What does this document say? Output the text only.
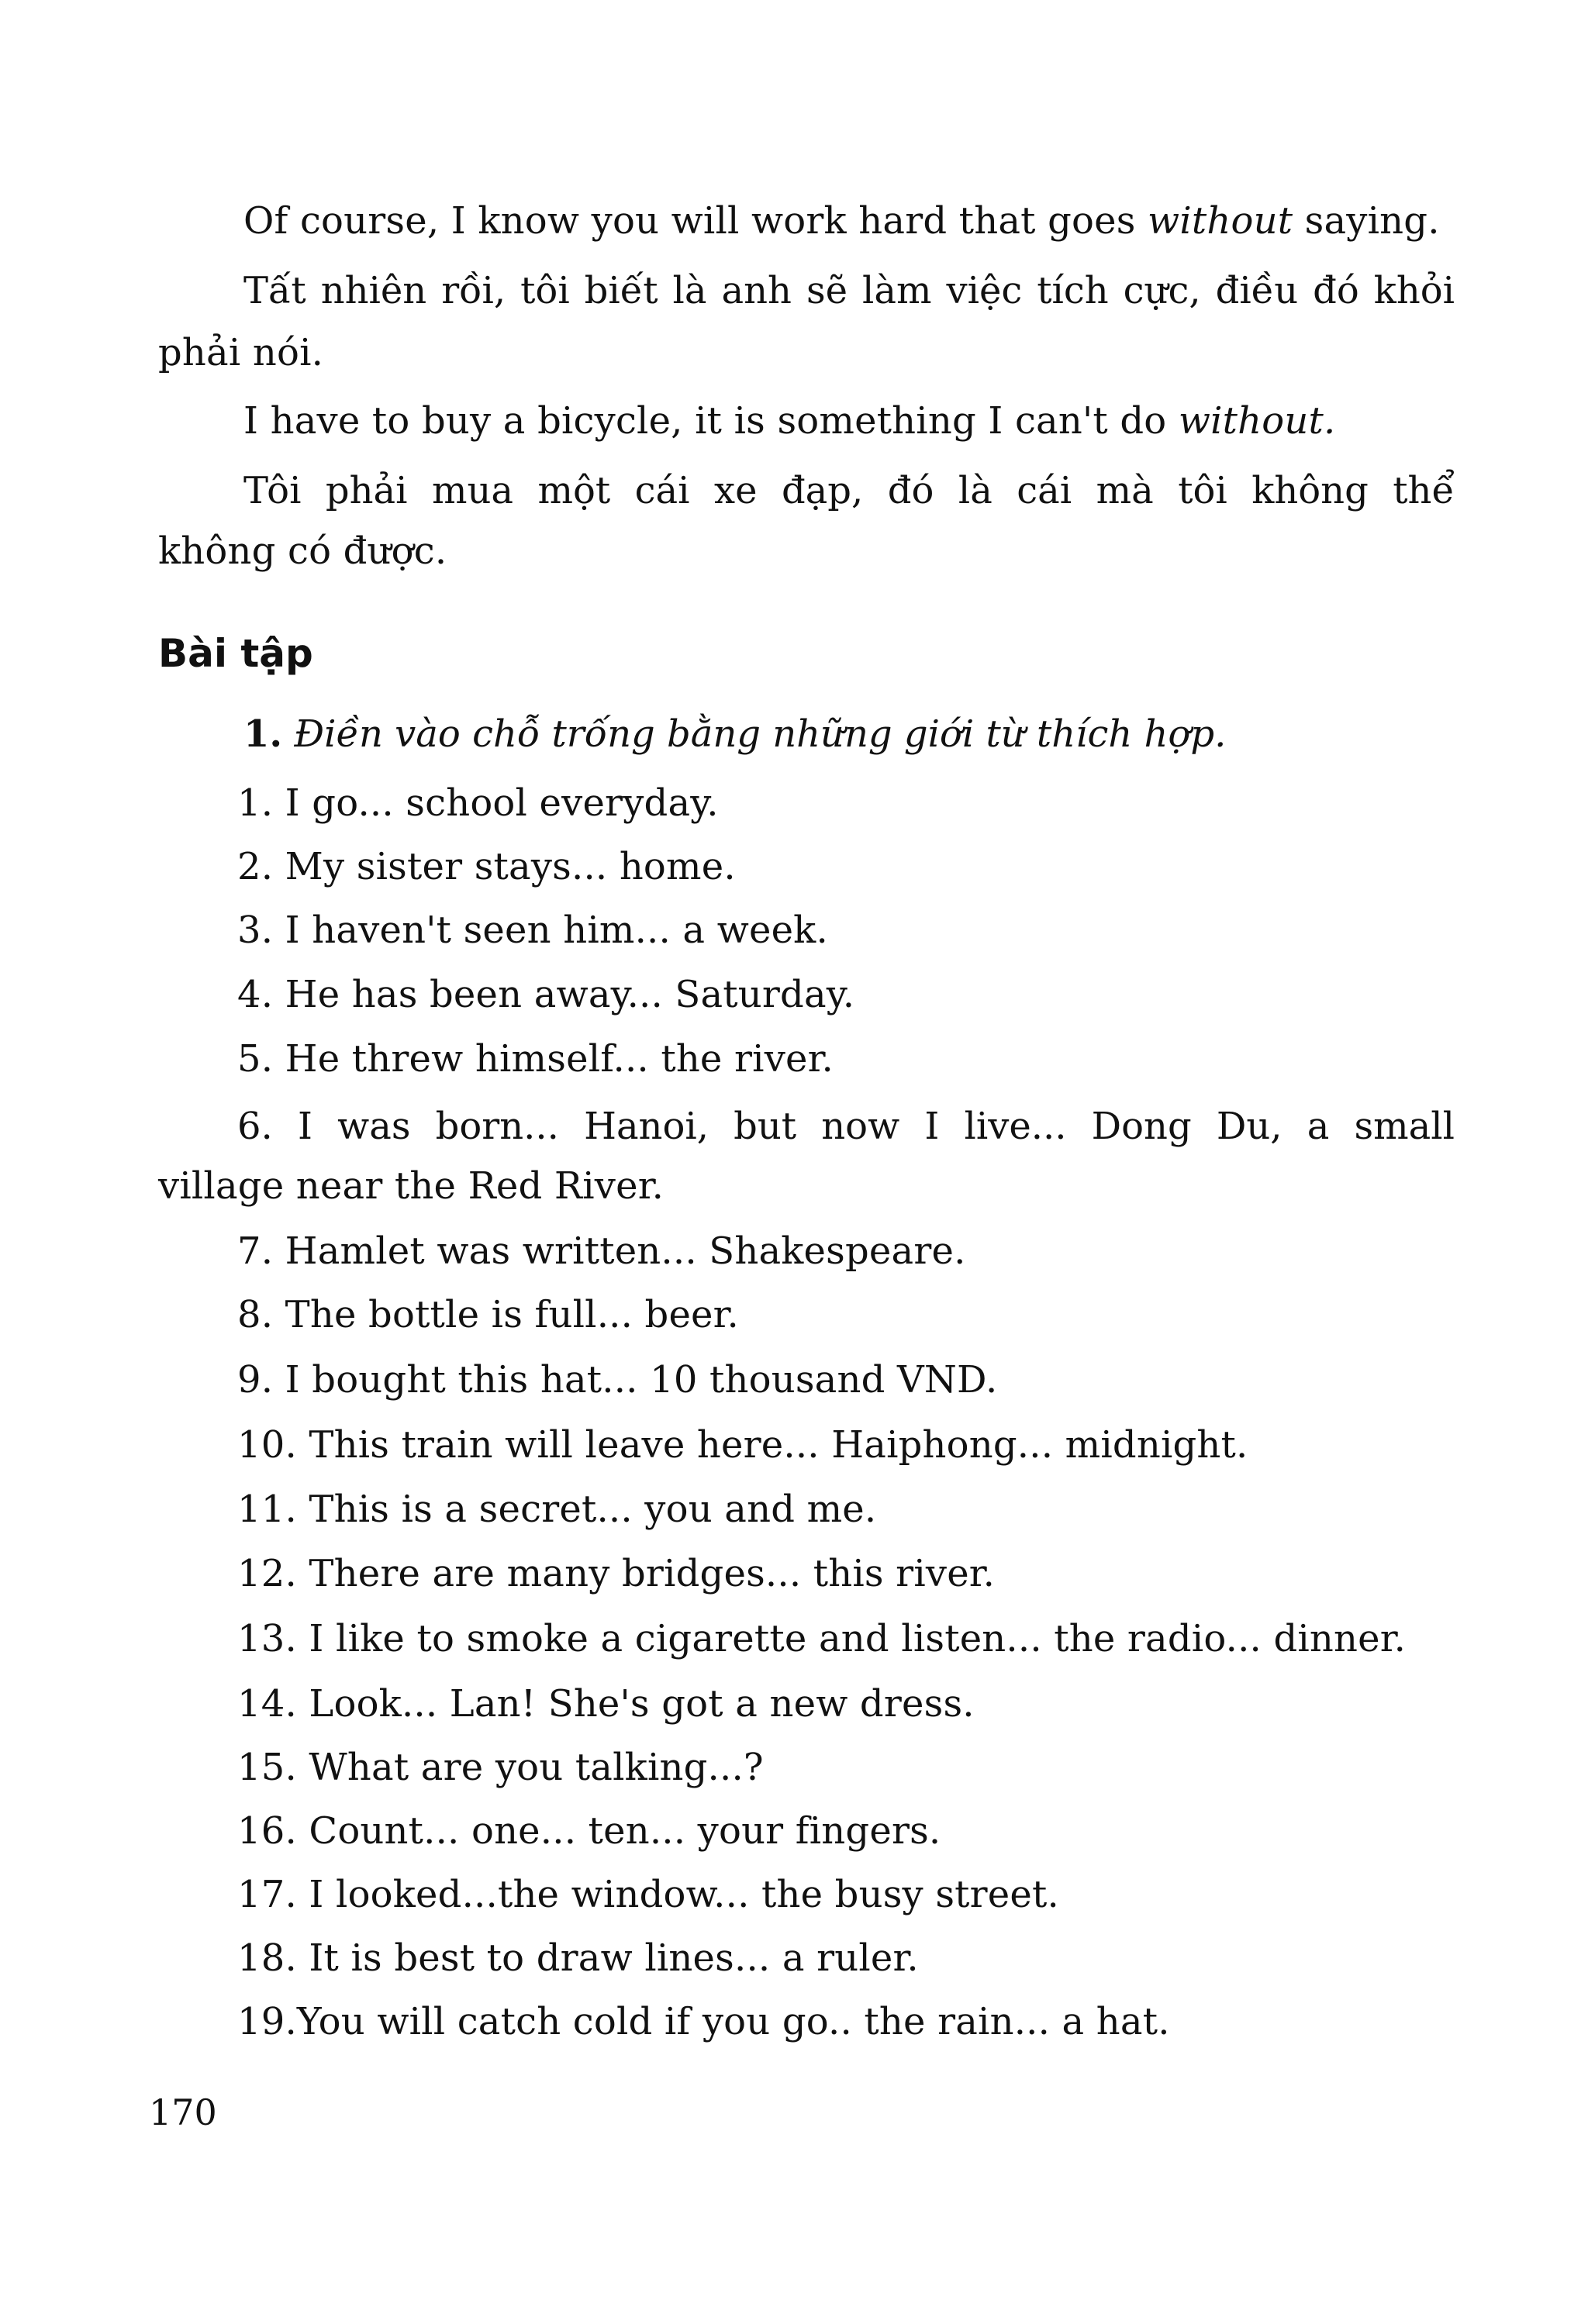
Of course, I know you will work hard that goes without saying.
Tất nhiên rồi, tôi biết là anh sẽ làm việc tích cực, điều đó khỏi
phải nói.
I have to buy a bicycle, it is something I can't do without.
Tôi phải mua một cái xe đạp, đó là cái mà tôi không thể
không có được.
Bài tập
1. Điền vào chỗ trống bằng những giới từ thích hợp.
1. I go... school everyday.
2. My sister stays... home.
3. I haven't seen him... a week.
4. He has been away... Saturday.
5. He threw himself... the river.
6. I was born... Hanoi, but now I live... Dong Du, a small
village near the Red River.
7. Hamlet was written... Shakespeare.
8. The bottle is full... beer.
9. I bought this hat... 10 thousand VND.
10. This train will leave here... Haiphong... midnight.
11. This is a secret... you and me.
12. There are many bridges... this river.
13. I like to smoke a cigarette and listen... the radio... dinner.
14. Look... Lan! She's got a new dress.
15. What are you talking...?
16. Count... one... ten... your fingers.
17. I looked...the window... the busy street.
18. It is best to draw lines... a ruler.
19.You will catch cold if you go.. the rain... a hat.
170
